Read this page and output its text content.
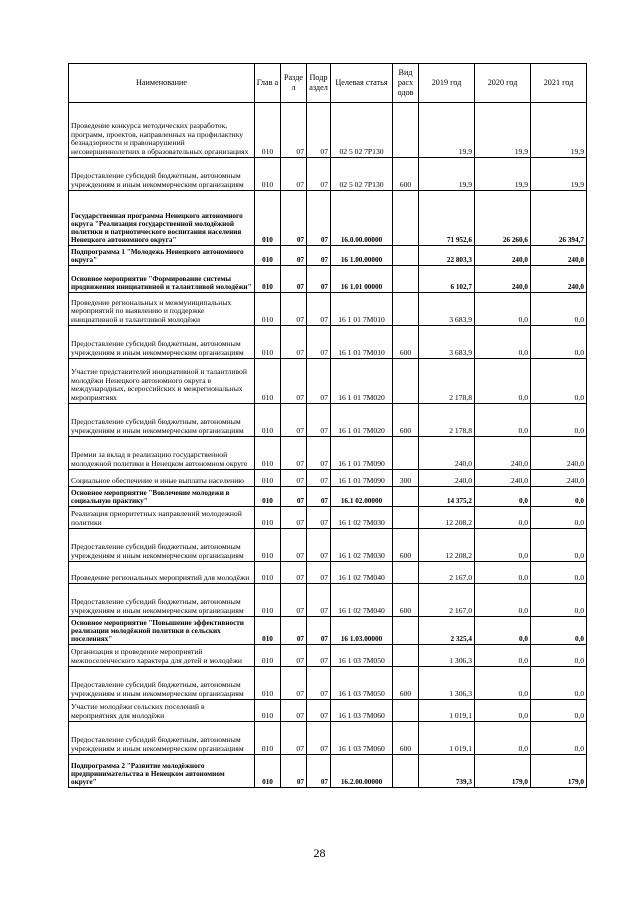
Наименование	Глав а	Разде л	Подр аздел	Целевая статья	Вид расх одов	2019 год	2020 год	2021 год
Проведение конкурса методических разработок, программ, проектов, направленных на профилактику безнадзорности и правонарушений несовершеннолетних в образовательных организациях	010	07	07	02 5 02 7Р130		19,9	19,9	19,9
Предоставление субсидий бюджетным, автономным учреждениям и иным некоммерческим организациям	010	07	07	02 5 02 7Р130	600	19,9	19,9	19,9
Государственная программа Ненецкого автономного округа "Реализация государственной молодёжной политики и патриотического воспитания населения Ненецкого автономного округа"	010	07	07	16.0.00.00000		71 952,6	26 260,6	26 394,7
Подпрограмма 1 "Молодежь Ненецкого автономного округа"	010	07	07	16 1.00.00000		22 803,3	240,0	240,0
Основное мероприятие "Формирование системы продвижения инициативной и талантливой молодёжи"	010	07	07	16 1.01 00000		6 102,7	240,0	240,0
Проведение региональных и межмуниципальных мероприятий по выявлению и поддержке инициативной и талантливой молодёжи	010	07	07	16 1 01 7М010		3 683,9	0,0	0,0
Предоставление субсидий бюджетным, автономным учреждениям и иным некоммерческим организациям	010	07	07	16 1 01 7М010	600	3 683,9	0,0	0,0
Участие представителей инициативной и талантливой молодёжи Ненецкого автономного округа в международных, всероссийских и межрегиональных мероприятиях	010	07	07	16 1 01 7М020		2 178,8	0,0	0,0
Предоставление субсидий бюджетным, автономным учреждениям и иным некоммерческим организациям	010	07	07	16 1 01 7М020	600	2 178,8	0,0	0,0
Премии за вклад в реализацию государственной молодежной политики в Ненецком автономном округе	010	07	07	16 1 01 7М090		240,0	240,0	240,0
Социальное обеспечение и иные выплаты населению	010	07	07	16 1 01 7М090	300	240,0	240,0	240,0
Основное мероприятие "Вовлечение молодежи в социальную практику"	010	07	07	16.1 02.00000		14 375,2	0,0	0,0
Реализация приоритетных направлений молодежной политики	010	07	07	16 1 02 7М030		12 208,2	0,0	0,0
Предоставление субсидий бюджетным, автономным учреждениям и иным некоммерческим организациям	010	07	07	16 1 02 7М030	600	12 208,2	0,0	0,0
Проведение региональных мероприятий для молодёжи	010	07	07	16 1 02 7М040		2 167,0	0,0	0,0
Предоставление субсидий бюджетным, автономным учреждениям и иным некоммерческим организациям	010	07	07	16 1 02 7М040	600	2 167,0	0,0	0,0
Основное мероприятие "Повышение эффективности реализации молодёжной политики в сельских поселениях"	010	07	07	16 1.03.00000		2 325,4	0,0	0,0
Организация и проведение мероприятий межпоселенческого характера для детей и молодёжи	010	07	07	16 1 03 7М050		1 306,3	0,0	0,0
Предоставление субсидий бюджетным, автономным учреждениям и иным некоммерческим организациям	010	07	07	16 1 03 7М050	600	1 306,3	0,0	0,0
Участие молодёжи сельских поселений в мероприятиях для молодёжи	010	07	07	16 1 03 7М060		1 019,1	0,0	0,0
Предоставление субсидий бюджетным, автономным учреждениям и иным некоммерческим организациям	010	07	07	16 1 03 7М060	600	1 019,1	0,0	0,0
Подпрограмма 2 "Развитие молодёжного предпринимательства в Ненецком автономном округе"	010	07	07	16.2.00.00000		739,3	179,0	179,0
28
